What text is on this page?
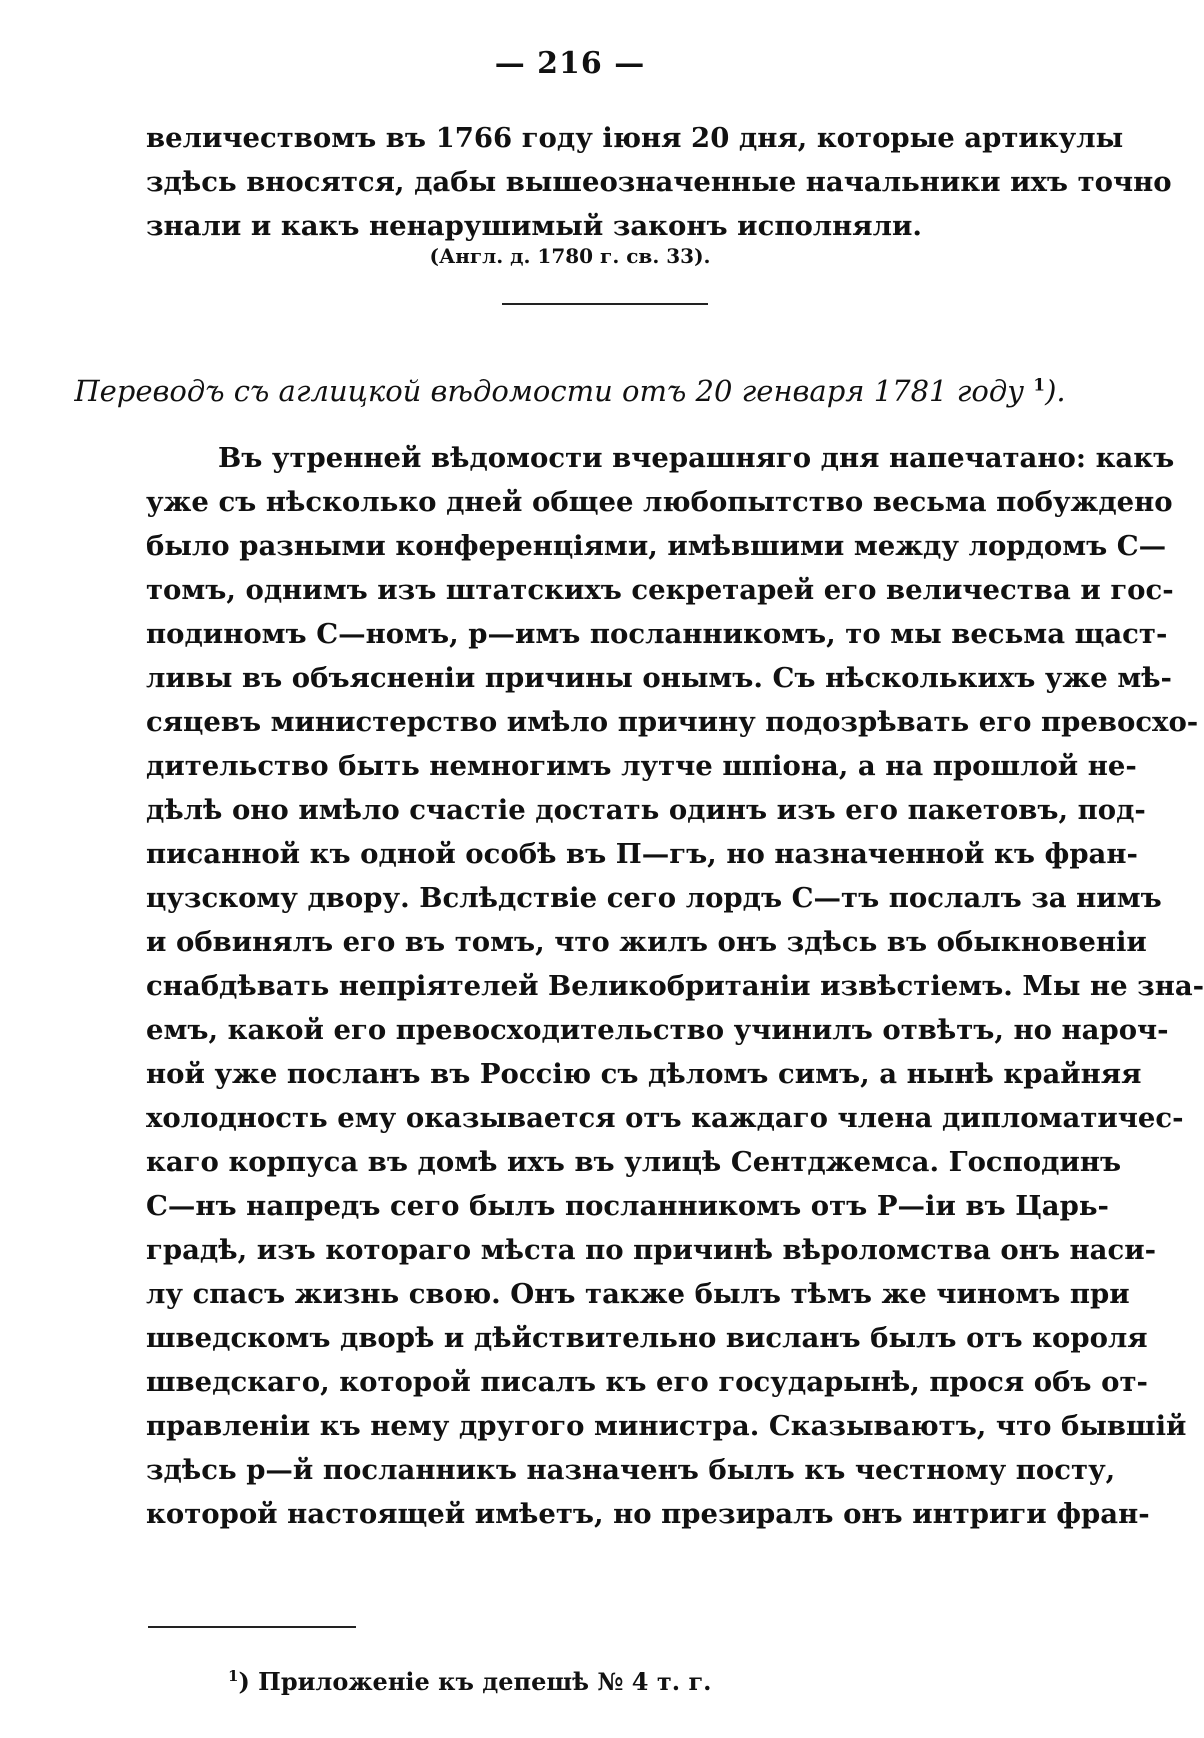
— 216 —
величествомъ въ 1766 году іюня 20 дня, которые артикулы
здѣсь вносятся, дабы вышеозначенные начальники ихъ точно
знали и какъ ненарушимый законъ исполняли.
(Англ. д. 1780 г. св. 33).
Переводъ съ аглицкой вѣдомости отъ 20 генваря 1781 году $^1$).
Въ утренней вѣдомости вчерашняго дня напечатано: какъ
уже съ нѣсколько дней общее любопытство весьма побуждено
было разными конференціями, имѣвшими между лордомъ С—
томъ, однимъ изъ штатскихъ секретарей его величества и гос-
подиномъ С—номъ, р—имъ посланникомъ, то мы весьма щаст-
ливы въ объясненіи причины онымъ. Съ нѣсколькихъ уже мѣ-
сяцевъ министерство имѣло причину подозрѣвать его превосхо-
дительство быть немногимъ лутче шпіона, а на прошлой не-
дѣлѣ оно имѣло счастіе достать одинъ изъ его пакетовъ, под-
писанной къ одной особѣ въ П—гъ, но назначенной къ фран-
цузскому двору. Вслѣдствіе сего лордъ С—тъ послалъ за нимъ
и обвинялъ его въ томъ, что жилъ онъ здѣсь въ обыкновеніи
снабдѣвать непріятелей Великобританіи извѣстіемъ. Мы не зна-
емъ, какой его превосходительство учинилъ отвѣтъ, но нароч-
ной уже посланъ въ Россію съ дѣломъ симъ, а нынѣ крайняя
холодность ему оказывается отъ каждаго члена дипломатичес-
каго корпуса въ домѣ ихъ въ улицѣ Сентджемса. Господинъ
С—нъ напредъ сего былъ посланникомъ отъ Р—іи въ Царь-
градѣ, изъ котораго мѣста по причинѣ вѣроломства онъ наси-
лу спасъ жизнь свою. Онъ также былъ тѣмъ же чиномъ при
шведскомъ дворѣ и дѣйствительно висланъ былъ отъ короля
шведскаго, которой писалъ къ его государынѣ, прося объ от-
правленіи къ нему другого министра. Сказываютъ, что бывшій
здѣсь р—й посланникъ назначенъ былъ къ честному посту,
которой настоящей имѣетъ, но презиралъ онъ интриги фран-
$^1$) Приложеніе къ депешѣ № 4 т. г.
